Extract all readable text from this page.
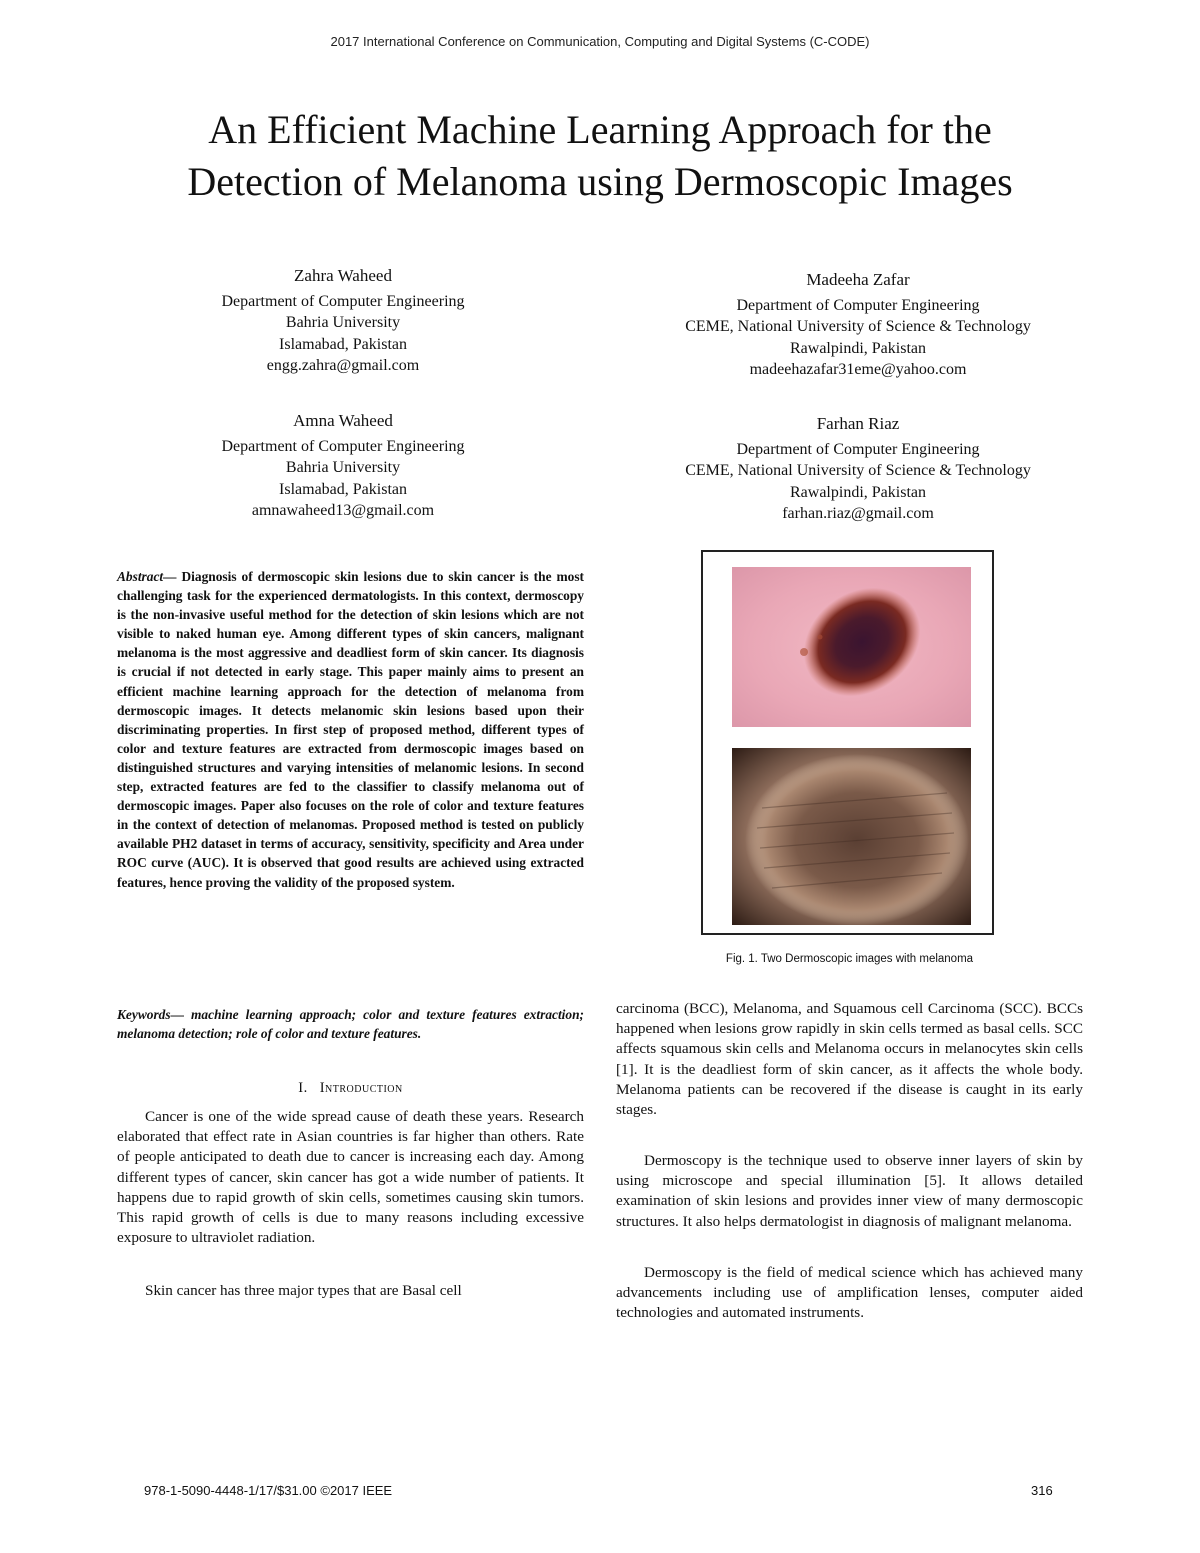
2017 International Conference on Communication, Computing and Digital Systems (C-CODE)
An Efficient Machine Learning Approach for the
Detection of Melanoma using Dermoscopic Images
Zahra Waheed
Department of Computer Engineering
Bahria University
Islamabad, Pakistan
engg.zahra@gmail.com
Madeeha Zafar
Department of Computer Engineering
CEME, National University of Science & Technology
Rawalpindi, Pakistan
madeehazafar31eme@yahoo.com
Amna Waheed
Department of Computer Engineering
Bahria University
Islamabad, Pakistan
amnawaheed13@gmail.com
Farhan Riaz
Department of Computer Engineering
CEME, National University of Science & Technology
Rawalpindi, Pakistan
farhan.riaz@gmail.com
Abstract— Diagnosis of dermoscopic skin lesions due to skin cancer is the most challenging task for the experienced dermatologists. In this context, dermoscopy is the non-invasive useful method for the detection of skin lesions which are not visible to naked human eye. Among different types of skin cancers, malignant melanoma is the most aggressive and deadliest form of skin cancer. Its diagnosis is crucial if not detected in early stage. This paper mainly aims to present an efficient machine learning approach for the detection of melanoma from dermoscopic images. It detects melanomic skin lesions based upon their discriminating properties. In first step of proposed method, different types of color and texture features are extracted from dermoscopic images based on distinguished structures and varying intensities of melanomic lesions. In second step, extracted features are fed to the classifier to classify melanoma out of dermoscopic images. Paper also focuses on the role of color and texture features in the context of detection of melanomas. Proposed method is tested on publicly available PH2 dataset in terms of accuracy, sensitivity, specificity and Area under ROC curve (AUC). It is observed that good results are achieved using extracted features, hence proving the validity of the proposed system.
Keywords— machine learning approach; color and texture features extraction; melanoma detection; role of color and texture features.
I. Introduction

Cancer is one of the wide spread cause of death these years. Research elaborated that effect rate in Asian countries is far higher than others. Rate of people anticipated to death due to cancer is increasing each day. Among different types of cancer, skin cancer has got a wide number of patients. It happens due to rapid growth of skin cells, sometimes causing skin tumors. This rapid growth of cells is due to many reasons including excessive exposure to ultraviolet radiation.

Skin cancer has three major types that are Basal cell

Fig. 1. Two Dermoscopic images with melanoma

carcinoma (BCC), Melanoma, and Squamous cell Carcinoma (SCC). BCCs happened when lesions grow rapidly in skin cells termed as basal cells. SCC affects squamous skin cells and Melanoma occurs in melanocytes skin cells [1]. It is the deadliest form of skin cancer, as it affects the whole body. Melanoma patients can be recovered if the disease is caught in its early stages.

Dermoscopy is the technique used to observe inner layers of skin by using microscope and special illumination [5]. It allows detailed examination of skin lesions and provides inner view of many dermoscopic structures. It also helps dermatologist in diagnosis of malignant melanoma.

Dermoscopy is the field of medical science which has achieved many advancements including use of amplification lenses, computer aided technologies and automated instruments.

978-1-5090-4448-1/17/$31.00 ©2017 IEEE	316
